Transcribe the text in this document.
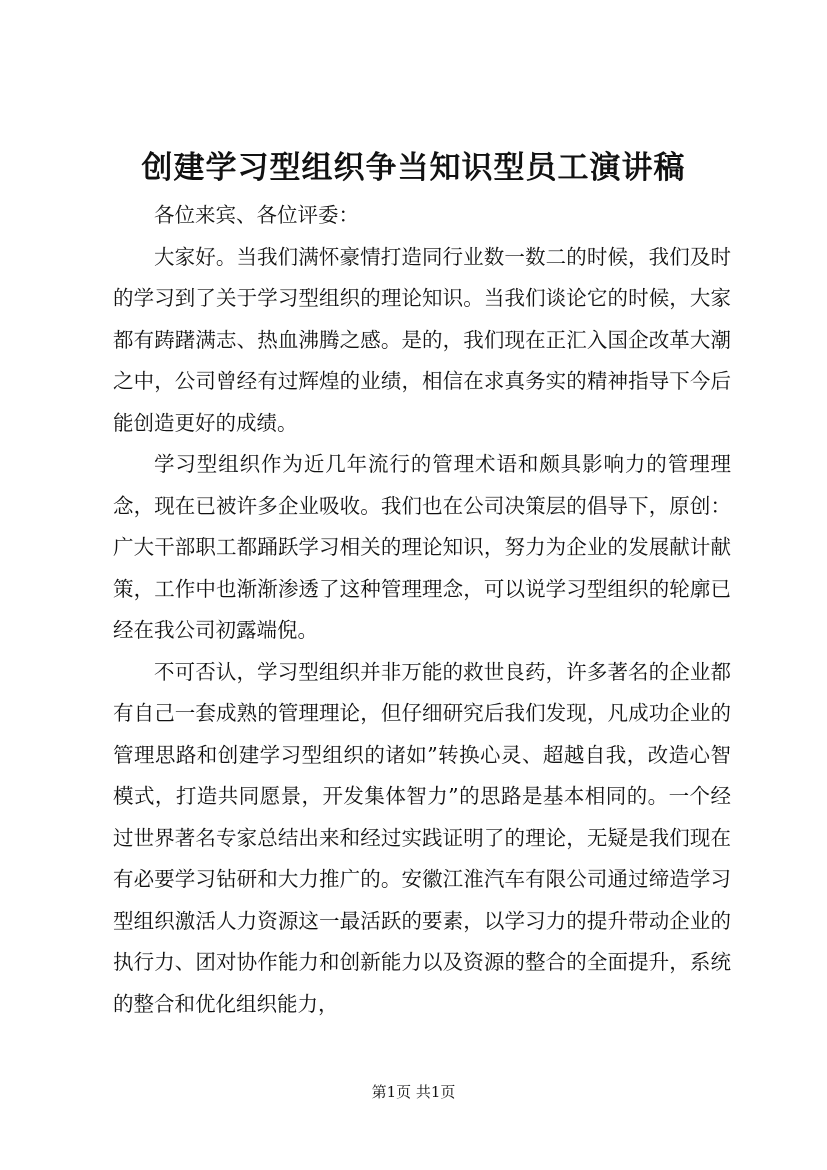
创建学习型组织争当知识型员工演讲稿

各位来宾、各位评委：

大家好。当我们满怀豪情打造同行业数一数二的时候，我们及时的学习到了关于学习型组织的理论知识。当我们谈论它的时候，大家都有踌躇满志、热血沸腾之感。是的，我们现在正汇入国企改革大潮之中，公司曾经有过辉煌的业绩，相信在求真务实的精神指导下今后能创造更好的成绩。

学习型组织作为近几年流行的管理术语和颇具影响力的管理理念，现在已被许多企业吸收。我们也在公司决策层的倡导下，原创：广大干部职工都踊跃学习相关的理论知识，努力为企业的发展献计献策，工作中也渐渐渗透了这种管理理念，可以说学习型组织的轮廓已经在我公司初露端倪。

不可否认，学习型组织并非万能的救世良药，许多著名的企业都有自己一套成熟的管理理论，但仔细研究后我们发现，凡成功企业的管理思路和创建学习型组织的诸如”转换心灵、超越自我，改造心智模式，打造共同愿景，开发集体智力”的思路是基本相同的。一个经过世界著名专家总结出来和经过实践证明了的理论，无疑是我们现在有必要学习钻研和大力推广的。安徽江淮汽车有限公司通过缔造学习型组织激活人力资源这一最活跃的要素，以学习力的提升带动企业的执行力、团对协作能力和创新能力以及资源的整合的全面提升，系统的整合和优化组织能力，

第1页 共1页
